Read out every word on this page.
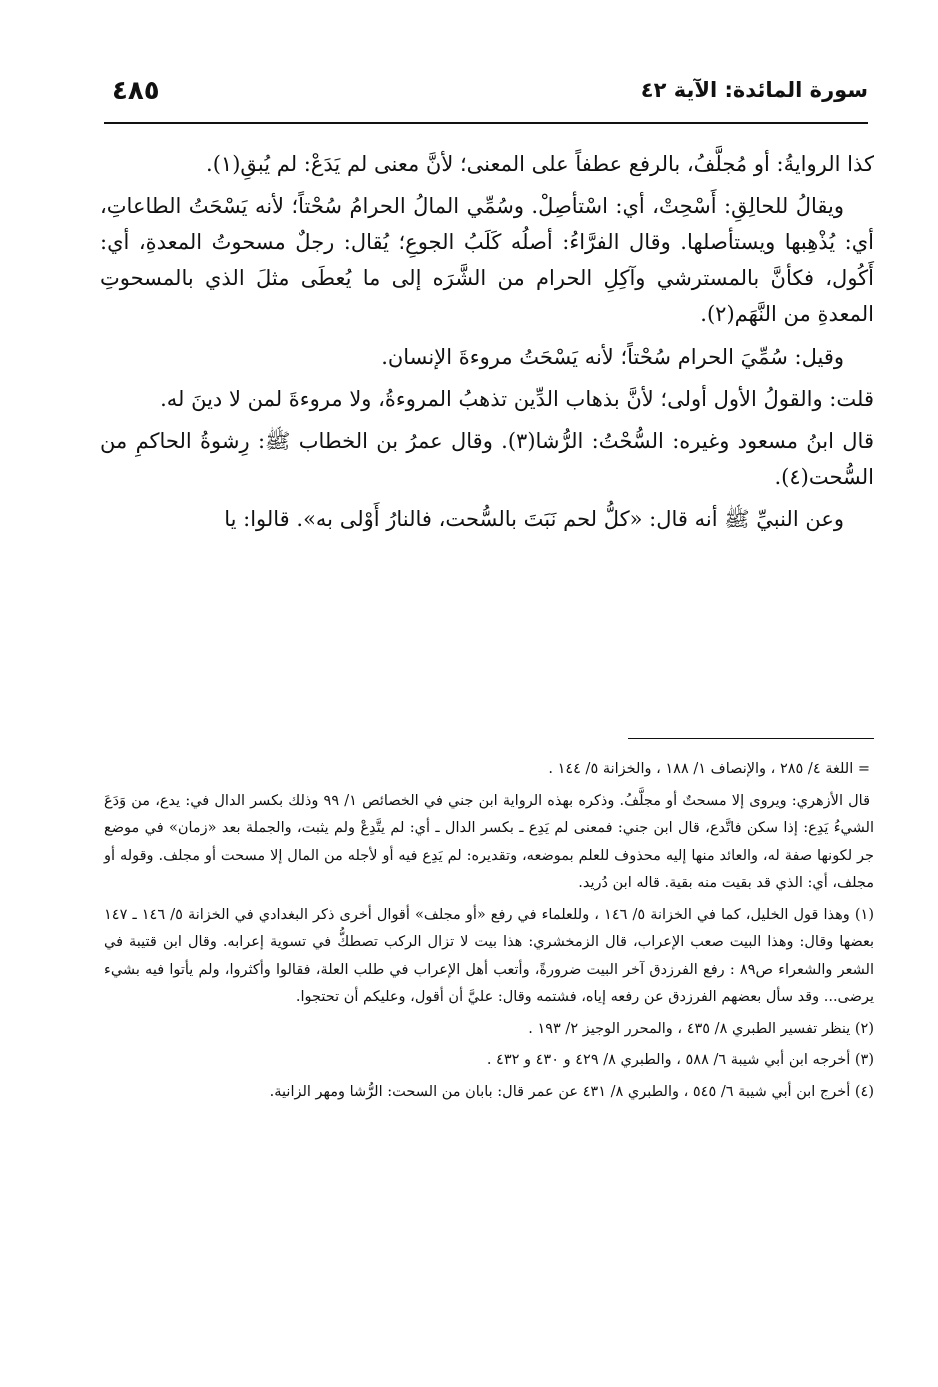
سورة المائدة: الآية ٤٢
٤٨٥

كذا الروايةُ: أو مُجلَّفُ، بالرفع عطفاً على المعنى؛ لأنَّ معنى لم يَدَعْ: لم يُبقِ(١).

ويقالُ للحالِقِ: أَسْحِتْ، أي: اسْتأصِلْ. وسُمِّي المالُ الحرامُ سُحْتاً؛ لأنه يَسْحَتُ الطاعاتِ، أي: يُذْهِبها ويستأصلها. وقال الفرَّاءُ: أصلُه كَلَبُ الجوعِ؛ يُقال: رجلٌ مسحوتُ المعدةِ، أي: أَكُول، فكأنَّ بالمسترشي وآكِلِ الحرام من الشَّرَه إلى ما يُعطَى مثلَ الذي بالمسحوتِ المعدةِ من النَّهَم(٢).

وقيل: سُمِّيَ الحرام سُحْتاً؛ لأنه يَسْحَتُ مروءةَ الإنسان.

قلت: والقولُ الأول أولى؛ لأنَّ بذهاب الدِّين تذهبُ المروءةُ، ولا مروءةَ لمن لا دينَ له.

قال ابنُ مسعود وغيره: السُّحْتُ: الرُّشا(٣). وقال عمرُ بن الخطاب ﷺ: رِشوةُ الحاكمِ من السُّحت(٤).

وعن النبيِّ ﷺ أنه قال: «كلُّ لحم نَبَتَ بالسُّحت، فالنارُ أَوْلى به». قالوا: يا

= اللغة ٤/ ٢٨٥ ، والإنصاف ١/ ١٨٨ ، والخزانة ٥/ ١٤٤ .

قال الأزهري: ويروى إلا مسحتٌ أو مجلَّفُ. وذكره بهذه الرواية ابن جني في الخصائص ١/ ٩٩ وذلك بكسر الدال في: يدع، من وَدَعَ الشيءُ يَدِع: إذا سكن فاتَّدع، قال ابن جني: فمعنى لم يَدِع ـ بكسر الدال ـ أي: لم يتَّدِعْ ولم يثبت، والجملة بعد «زمان» في موضع جر لكونها صفة له، والعائد منها إليه محذوف للعلم بموضعه، وتقديره: لم يَدِع فيه أو لأجله من المال إلا مسحت أو مجلف. وقوله أو مجلف، أي: الذي قد بقيت منه بقية. قاله ابن دُريد.

(١) وهذا قول الخليل، كما في الخزانة ٥/ ١٤٦ ، وللعلماء في رفع «أو مجلف» أقوال أخرى ذكر البغدادي في الخزانة ٥/ ١٤٦ ـ ١٤٧ بعضها وقال: وهذا البيت صعب الإعراب، قال الزمخشري: هذا بيت لا تزال الركب تصطكُّ في تسوية إعرابه. وقال ابن قتيبة في الشعر والشعراء ص٨٩ : رفع الفرزدق آخر البيت ضرورةً، وأتعب أهل الإعراب في طلب العلة، فقالوا وأكثروا، ولم يأتوا فيه بشيء يرضى... وقد سأل بعضهم الفرزدق عن رفعه إياه، فشتمه وقال: عليَّ أن أقول، وعليكم أن تحتجوا.

(٢) ينظر تفسير الطبري ٨/ ٤٣٥ ، والمحرر الوجيز ٢/ ١٩٣ .

(٣) أخرجه ابن أبي شيبة ٦/ ٥٨٨ ، والطبري ٨/ ٤٢٩ و ٤٣٠ و ٤٣٢ .

(٤) أخرج ابن أبي شيبة ٦/ ٥٤٥ ، والطبري ٨/ ٤٣١ عن عمر قال: بابان من السحت: الرُّشا ومهر الزانية.
